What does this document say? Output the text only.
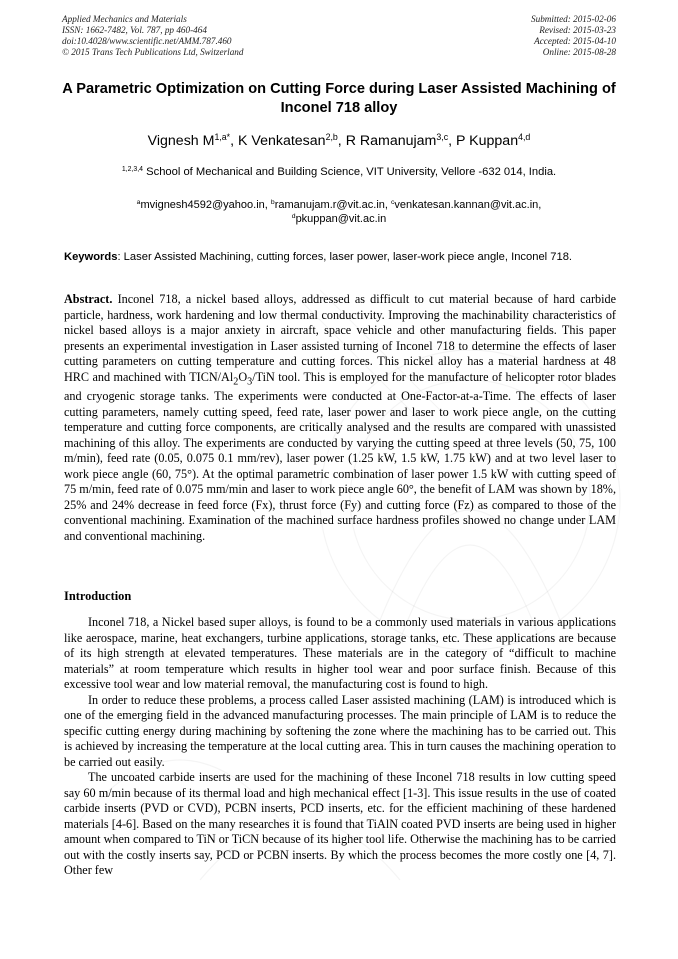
Applied Mechanics and Materials
ISSN: 1662-7482, Vol. 787, pp 460-464
doi:10.4028/www.scientific.net/AMM.787.460
© 2015 Trans Tech Publications Ltd, Switzerland
Submitted: 2015-02-06
Revised: 2015-03-23
Accepted: 2015-04-10
Online: 2015-08-28
A Parametric Optimization on Cutting Force during Laser Assisted Machining of Inconel 718 alloy
Vignesh $M^{1,a*}$, K Venkatesan$^{2,b}$, R Ramanujam$^{3,c}$, P Kuppan$^{4,d}$
$^{1,2,3,4}$ School of Mechanical and Building Science, VIT University, Vellore -632 014, India.
$^a$mvignesh4592@yahoo.in, $^b$ramanujam.r@vit.ac.in, $^c$venkatesan.kannan@vit.ac.in,
$^d$pkuppan@vit.ac.in
Keywords: Laser Assisted Machining, cutting forces, laser power, laser-work piece angle, Inconel 718.
Abstract. Inconel 718, a nickel based alloys, addressed as difficult to cut material because of hard carbide particle, hardness, work hardening and low thermal conductivity. Improving the machinability characteristics of nickel based alloys is a major anxiety in aircraft, space vehicle and other manufacturing fields. This paper presents an experimental investigation in Laser assisted turning of Inconel 718 to determine the effects of laser cutting parameters on cutting temperature and cutting forces. This nickel alloy has a material hardness at 48 HRC and machined with TICN/$Al_2O_3$/TiN tool. This is employed for the manufacture of helicopter rotor blades and cryogenic storage tanks. The experiments were conducted at One-Factor-at-a-Time. The effects of laser cutting parameters, namely cutting speed, feed rate, laser power and laser to work piece angle, on the cutting temperature and cutting force components, are critically analysed and the results are compared with unassisted machining of this alloy. The experiments are conducted by varying the cutting speed at three levels (50, 75, 100 m/min), feed rate (0.05, 0.075 0.1 mm/rev), laser power (1.25 kW, 1.5 kW, 1.75 kW) and at two level laser to work piece angle (60, 75°). At the optimal parametric combination of laser power 1.5 kW with cutting speed of 75 m/min, feed rate of 0.075 mm/min and laser to work piece angle 60°, the benefit of LAM was shown by 18%, 25% and 24% decrease in feed force (Fx), thrust force (Fy) and cutting force (Fz) as compared to those of the conventional machining. Examination of the machined surface hardness profiles showed no change under LAM and conventional machining.
Introduction

Inconel 718, a Nickel based super alloys, is found to be a commonly used materials in various applications like aerospace, marine, heat exchangers, turbine applications, storage tanks, etc. These applications are because of its high strength at elevated temperatures. These materials are in the category of “difficult to machine materials” at room temperature which results in higher tool wear and poor surface finish. Because of this excessive tool wear and low material removal, the manufacturing cost is found to high.

In order to reduce these problems, a process called Laser assisted machining (LAM) is introduced which is one of the emerging field in the advanced manufacturing processes. The main principle of LAM is to reduce the specific cutting energy during machining by softening the zone where the machining has to be carried out. This is achieved by increasing the temperature at the local cutting area. This in turn causes the machining operation to be carried out easily.

The uncoated carbide inserts are used for the machining of these Inconel 718 results in low cutting speed say 60 m/min because of its thermal load and high mechanical effect [1-3]. This issue results in the use of coated carbide inserts (PVD or CVD), PCBN inserts, PCD inserts, etc. for the efficient machining of these hardened materials [4-6]. Based on the many researches it is found that TiAlN coated PVD inserts are being used in higher amount when compared to TiN or TiCN because of its higher tool life. Otherwise the machining has to be carried out with the costly inserts say, PCD or PCBN inserts. By which the process becomes the more costly one [4, 7]. Other few
